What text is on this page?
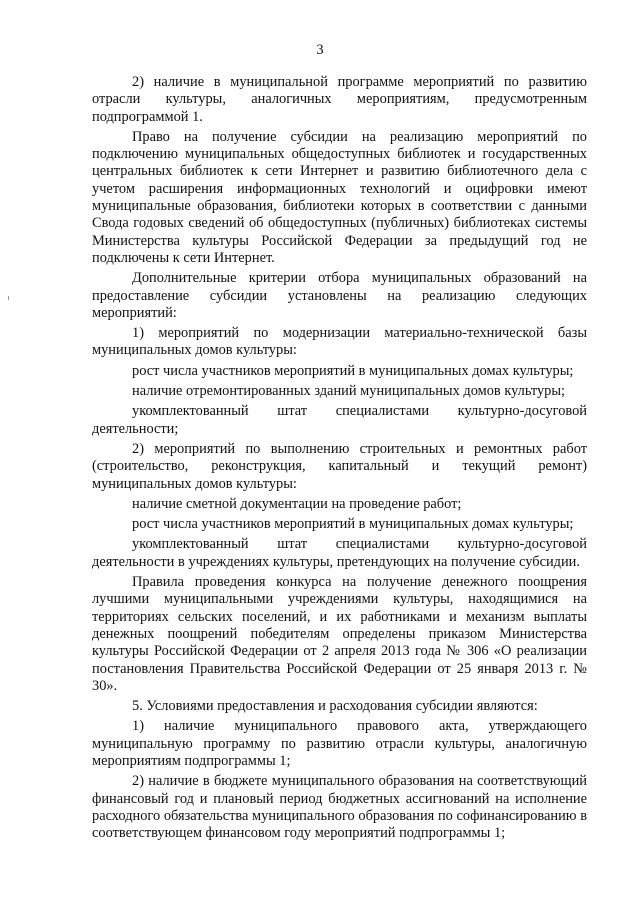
3

2) наличие в муниципальной программе мероприятий по развитию отрасли культуры, аналогичных мероприятиям, предусмотренным подпрограммой 1.

Право на получение субсидии на реализацию мероприятий по подключению муниципальных общедоступных библиотек и государственных центральных библиотек к сети Интернет и развитию библиотечного дела с учетом расширения информационных технологий и оцифровки имеют муниципальные образования, библиотеки которых в соответствии с данными Свода годовых сведений об общедоступных (публичных) библиотеках системы Министерства культуры Российской Федерации за предыдущий год не подключены к сети Интернет.

Дополнительные критерии отбора муниципальных образований на предоставление субсидии установлены на реализацию следующих мероприятий:

1) мероприятий по модернизации материально-технической базы муниципальных домов культуры:

рост числа участников мероприятий в муниципальных домах культуры;

наличие отремонтированных зданий муниципальных домов культуры;

укомплектованный штат специалистами культурно-досуговой деятельности;

2) мероприятий по выполнению строительных и ремонтных работ (строительство, реконструкция, капитальный и текущий ремонт) муниципальных домов культуры:

наличие сметной документации на проведение работ;

рост числа участников мероприятий в муниципальных домах культуры;

укомплектованный штат специалистами культурно-досуговой деятельности в учреждениях культуры, претендующих на получение субсидии.

Правила проведения конкурса на получение денежного поощрения лучшими муниципальными учреждениями культуры, находящимися на территориях сельских поселений, и их работниками и механизм выплаты денежных поощрений победителям определены приказом Министерства культуры Российской Федерации от 2 апреля 2013 года № 306 «О реализации постановления Правительства Российской Федерации от 25 января 2013 г. № 30».

5. Условиями предоставления и расходования субсидии являются:

1) наличие муниципального правового акта, утверждающего муниципальную программу по развитию отрасли культуры, аналогичную мероприятиям подпрограммы 1;

2) наличие в бюджете муниципального образования на соответствующий финансовый год и плановый период бюджетных ассигнований на исполнение расходного обязательства муниципального образования по софинансированию в соответствующем финансовом году мероприятий подпрограммы 1;
